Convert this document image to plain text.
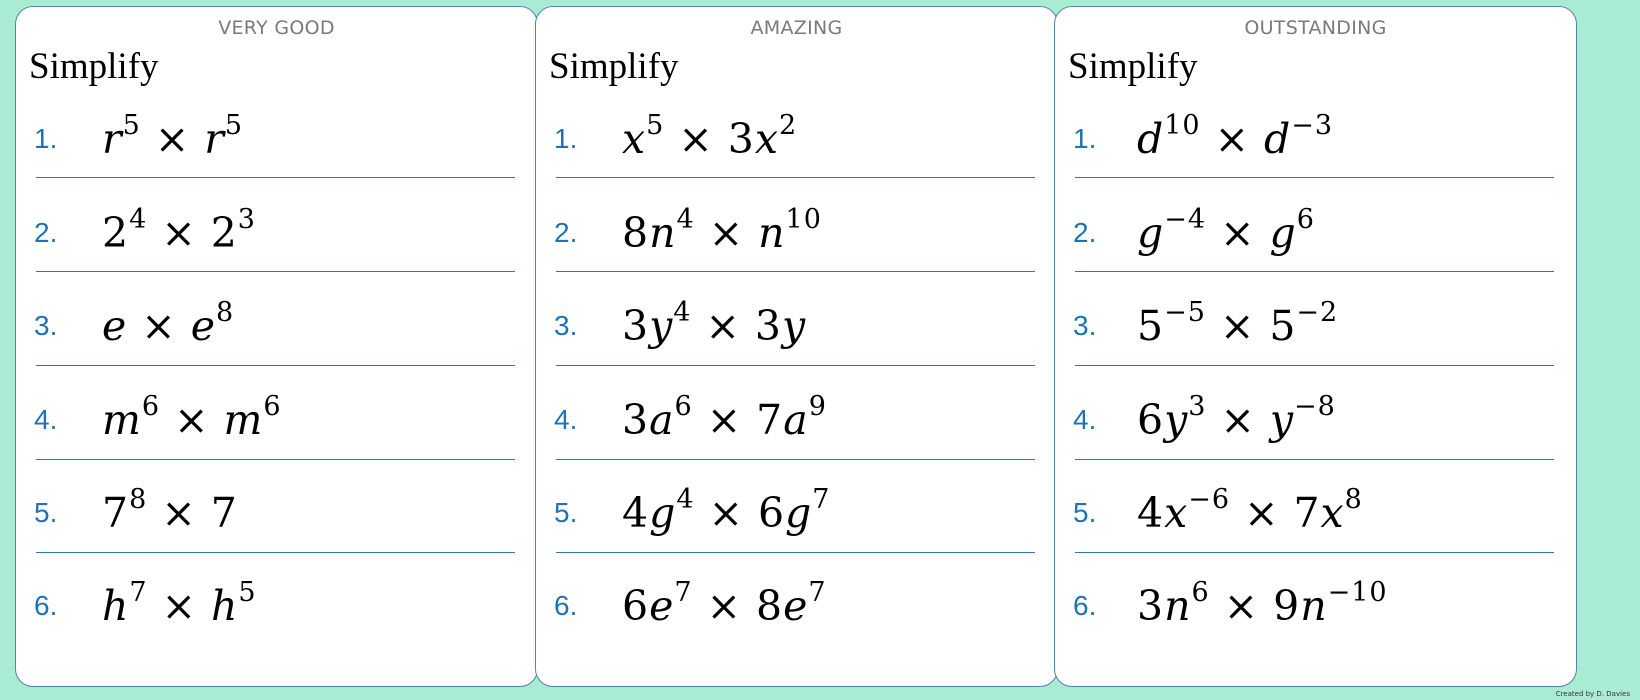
VERY GOOD
Simplify
1. $r^5 \times r^5$
2. $2^4 \times 2^3$
3. $e \times e^8$
4. $m^6 \times m^6$
5. $7^8 \times 7$
6. $h^7 \times h^5$
AMAZING
Simplify
1. $x^5 \times 3x^2$
2. $8n^4 \times n^{10}$
3. $3y^4 \times 3y$
4. $3a^6 \times 7a^9$
5. $4g^4 \times 6g^7$
6. $6e^7 \times 8e^7$
OUTSTANDING
Simplify
1. $d^{10} \times d^{-3}$
2. $g^{-4} \times g^6$
3. $5^{-5} \times 5^{-2}$
4. $6y^3 \times y^{-8}$
5. $4x^{-6} \times 7x^8$
6. $3n^6 \times 9n^{-10}$
Created by D. Davies
